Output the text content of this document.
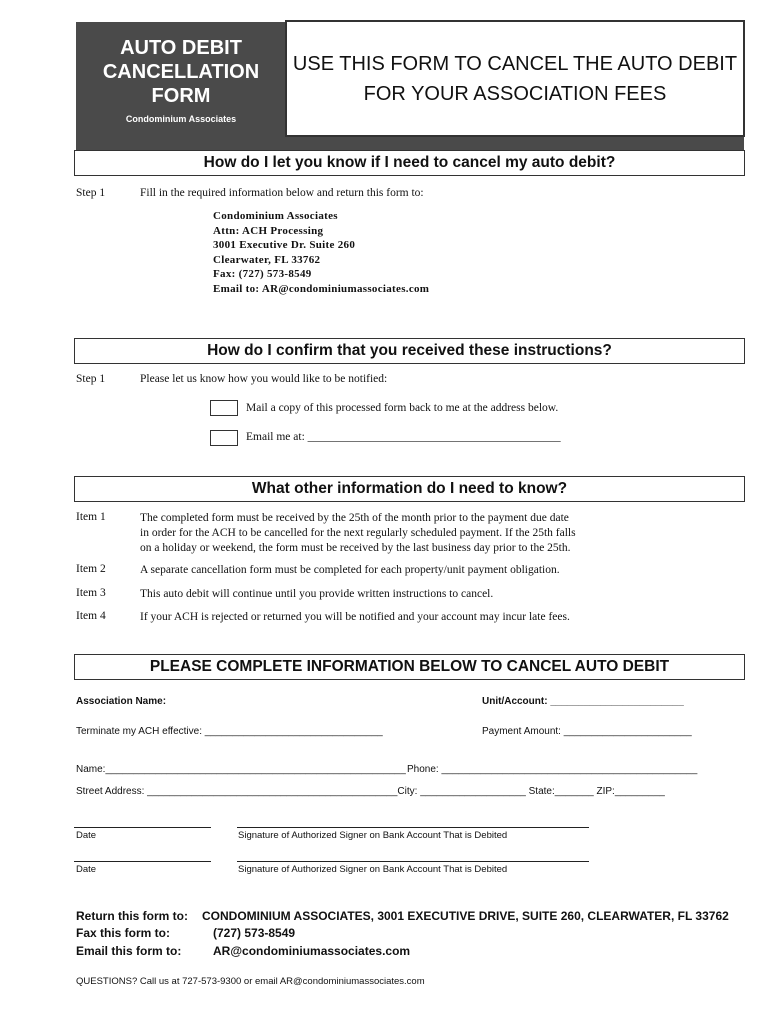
AUTO DEBIT
CANCELLATION
FORM
Condominium Associates
USE THIS FORM TO CANCEL THE AUTO DEBIT
FOR YOUR ASSOCIATION FEES
How do I let you know if I need to cancel my auto debit?
Step 1	Fill in the required information below and return this form to:
Condominium Associates
Attn: ACH Processing
3001 Executive Dr. Suite 260
Clearwater, FL 33762
Fax: (727) 573-8549
Email to: AR@condominiumassociates.com
How do I confirm that you received these instructions?
Step 1	Please let us know how you would like to be notified:
Mail a copy of this processed form back to me at the address below.
Email me at: ____________________________________________
What other information do I need to know?
Item 1	The completed form must be received by the 25th of the month prior to the payment due date
in order for the ACH to be cancelled for the next regularly scheduled payment. If the 25th falls
on a holiday or weekend, the form must be received by the last business day prior to the 25th.
Item 2	A separate cancellation form must be completed for each property/unit payment obligation.
Item 3	This auto debit will continue until you provide written instructions to cancel.
Item 4	If your ACH is rejected or returned you will be notified and your account may incur late fees.
PLEASE COMPLETE INFORMATION BELOW TO CANCEL AUTO DEBIT
Association Name:	Unit/Account: ________________________
Terminate my ACH effective: ________________________________	Payment Amount: _______________________
Name:______________________________________________________ Phone: ______________________________________________
Street Address: _____________________________________________City: ___________________ State:_______ ZIP:_________
Date	Signature of Authorized Signer on Bank Account That is Debited
Date	Signature of Authorized Signer on Bank Account That is Debited
Return this form to: CONDOMINIUM ASSOCIATES, 3001 EXECUTIVE DRIVE, SUITE 260, CLEARWATER, FL 33762
Fax this form to:	(727) 573-8549
Email this form to:	AR@condominiumassociates.com
QUESTIONS? Call us at 727-573-9300 or email AR@condominiumassociates.com
